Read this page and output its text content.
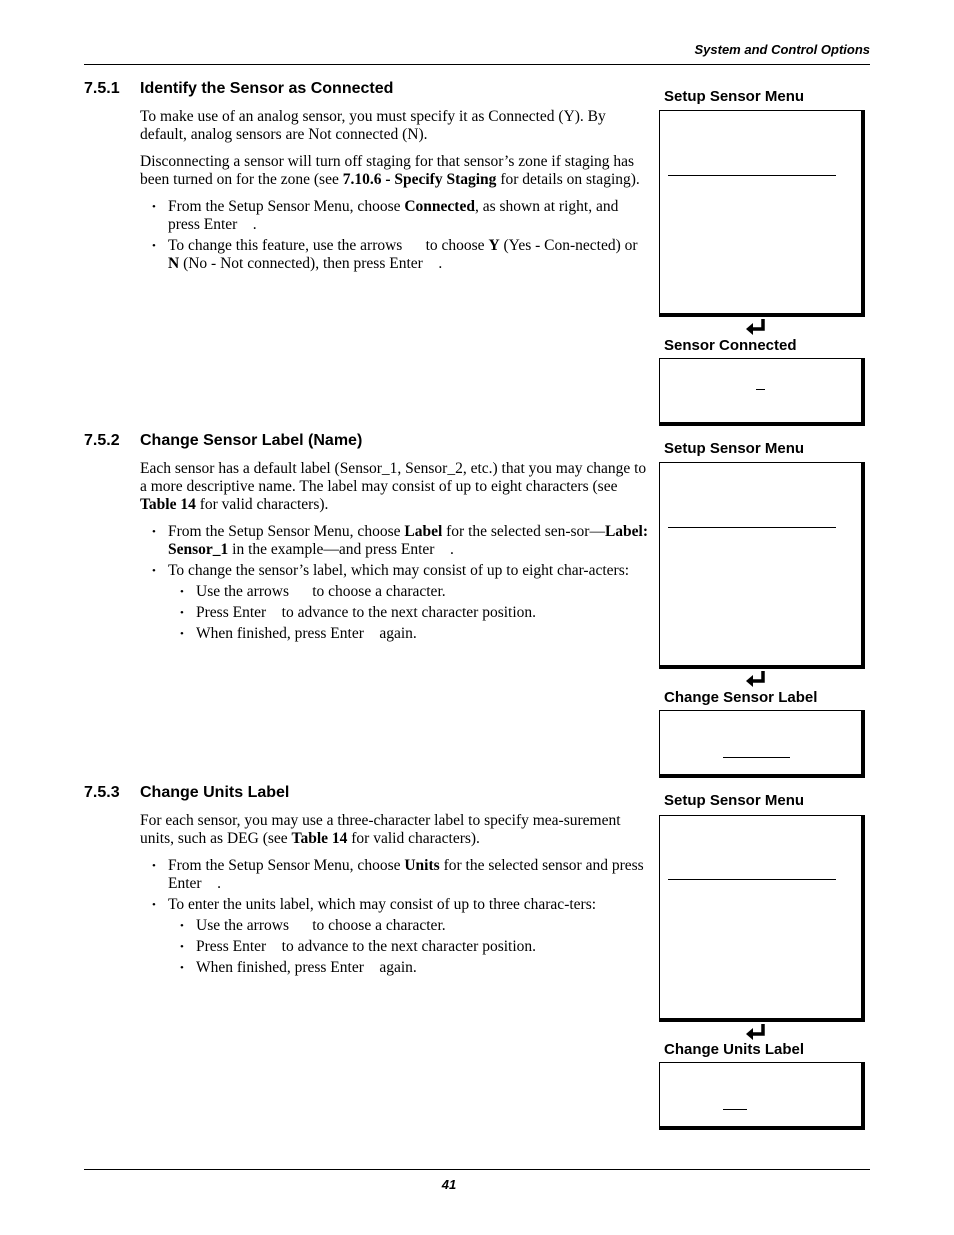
System and Control Options
41
7.5.1 Identify the Sensor as Connected

To make use of an analog sensor, you must specify it as Connected (Y). By default, analog sensors are Not connected (N).

Disconnecting a sensor will turn off staging for that sensor’s zone if staging has been turned on for the zone (see 7.10.6 - Specify Staging for details on staging).

• From the Setup Sensor Menu, choose Connected, as shown at right, and press Enter    .
• To change this feature, use the arrows      to choose Y (Yes - Con-nected) or N (No - Not connected), then press Enter    .
Setup Sensor Menu
Sensor Connected
7.5.2 Change Sensor Label (Name)

Each sensor has a default label (Sensor_1, Sensor_2, etc.) that you may change to a more descriptive name. The label may consist of up to eight characters (see Table 14 for valid characters).

• From the Setup Sensor Menu, choose Label for the selected sen-sor—Label: Sensor_1 in the example—and press Enter    .
• To change the sensor’s label, which may consist of up to eight char-acters:
• Use the arrows      to choose a character.
• Press Enter    to advance to the next character position.
• When finished, press Enter    again.
Setup Sensor Menu
Change Sensor Label
7.5.3 Change Units Label

For each sensor, you may use a three-character label to specify mea-surement units, such as DEG (see Table 14 for valid characters).

• From the Setup Sensor Menu, choose Units for the selected sensor and press Enter    .
• To enter the units label, which may consist of up to three charac-ters:
• Use the arrows      to choose a character.
• Press Enter    to advance to the next character position.
• When finished, press Enter    again.
Setup Sensor Menu
Change Units Label
